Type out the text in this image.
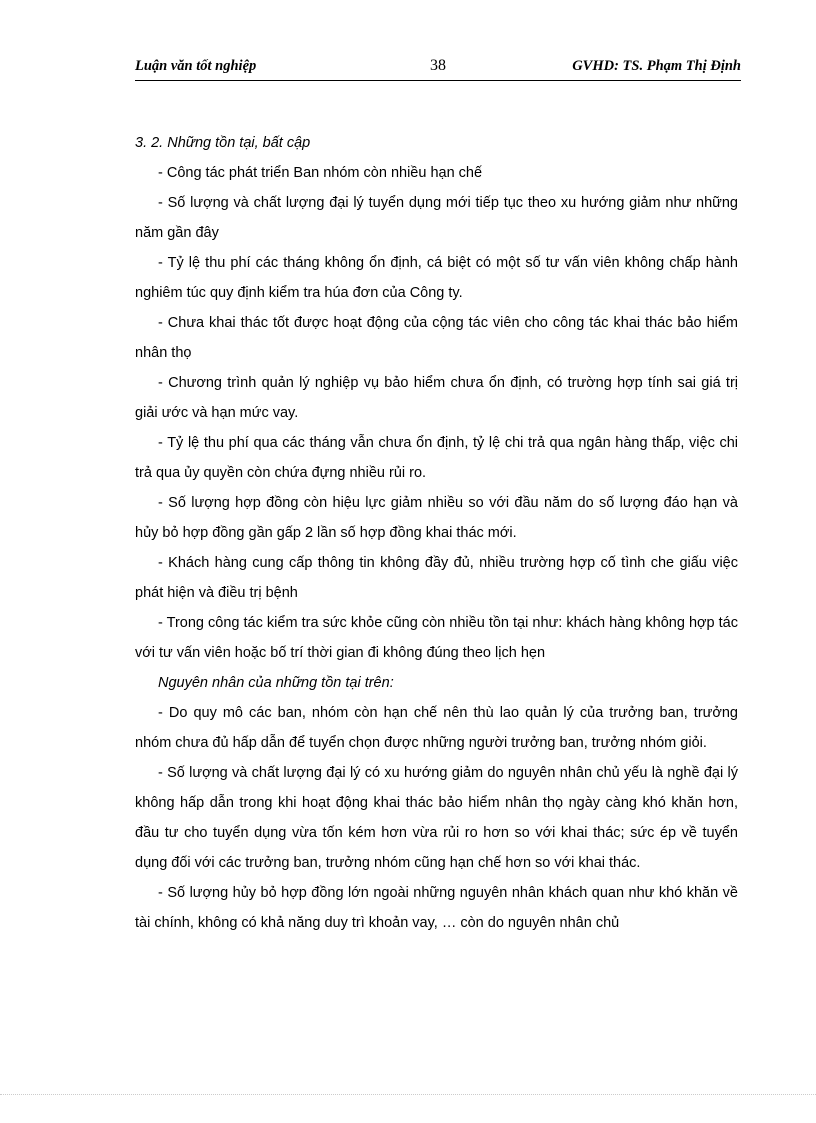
Luận văn tốt nghiệp	38	GVHD: TS. Phạm Thị Định

3. 2. Những tồn tại, bất cập

- Công tác phát triển Ban nhóm còn nhiều hạn chế

- Số lượng và chất lượng đại lý tuyển dụng mới tiếp tục theo xu hướng giảm như những năm gần đây

- Tỷ lệ thu phí các tháng không ổn định, cá biệt có một số tư vấn viên không chấp hành nghiêm túc quy định kiểm tra húa đơn của Công ty.

- Chưa khai thác tốt được hoạt động của cộng tác viên cho công tác khai thác bảo hiểm nhân thọ

- Chương trình quản lý nghiệp vụ bảo hiểm chưa ổn định, có trường hợp tính sai giá trị giải ước và hạn mức vay.

- Tỷ lệ thu phí qua các tháng vẫn chưa ổn định, tỷ lệ chi trả qua ngân hàng thấp, việc chi trả qua ủy quyền còn chứa đựng nhiều rủi ro.

- Số lượng hợp đồng còn hiệu lực giảm nhiều so với đầu năm do số lượng đáo hạn và hủy bỏ hợp đồng gần gấp 2 lần số hợp đồng khai thác mới.

- Khách hàng cung cấp thông tin không đầy đủ, nhiều trường hợp cố tình che giấu việc phát hiện và điều trị bệnh

- Trong công tác kiểm tra sức khỏe cũng còn nhiều tồn tại như: khách hàng không hợp tác với tư vấn viên hoặc bố trí thời gian đi không đúng theo lịch hẹn

Nguyên nhân của những tồn tại trên:

- Do quy mô các ban, nhóm còn hạn chế nên thù lao quản lý của trưởng ban, trưởng nhóm chưa đủ hấp dẫn để tuyển chọn được những người trưởng ban, trưởng nhóm giỏi.

- Số lượng và chất lượng đại lý có xu hướng giảm do nguyên nhân chủ yếu là nghề đại lý không hấp dẫn trong khi hoạt động khai thác bảo hiểm nhân thọ ngày càng khó khăn hơn, đầu tư cho tuyển dụng vừa tốn kém hơn vừa rủi ro hơn so với khai thác; sức ép về tuyển dụng đối với các trưởng ban, trưởng nhóm cũng hạn chế hơn so với khai thác.

- Số lượng hủy bỏ hợp đồng lớn ngoài những nguyên nhân khách quan như khó khăn về tài chính, không có khả năng duy trì khoản vay, … còn do nguyên nhân chủ
